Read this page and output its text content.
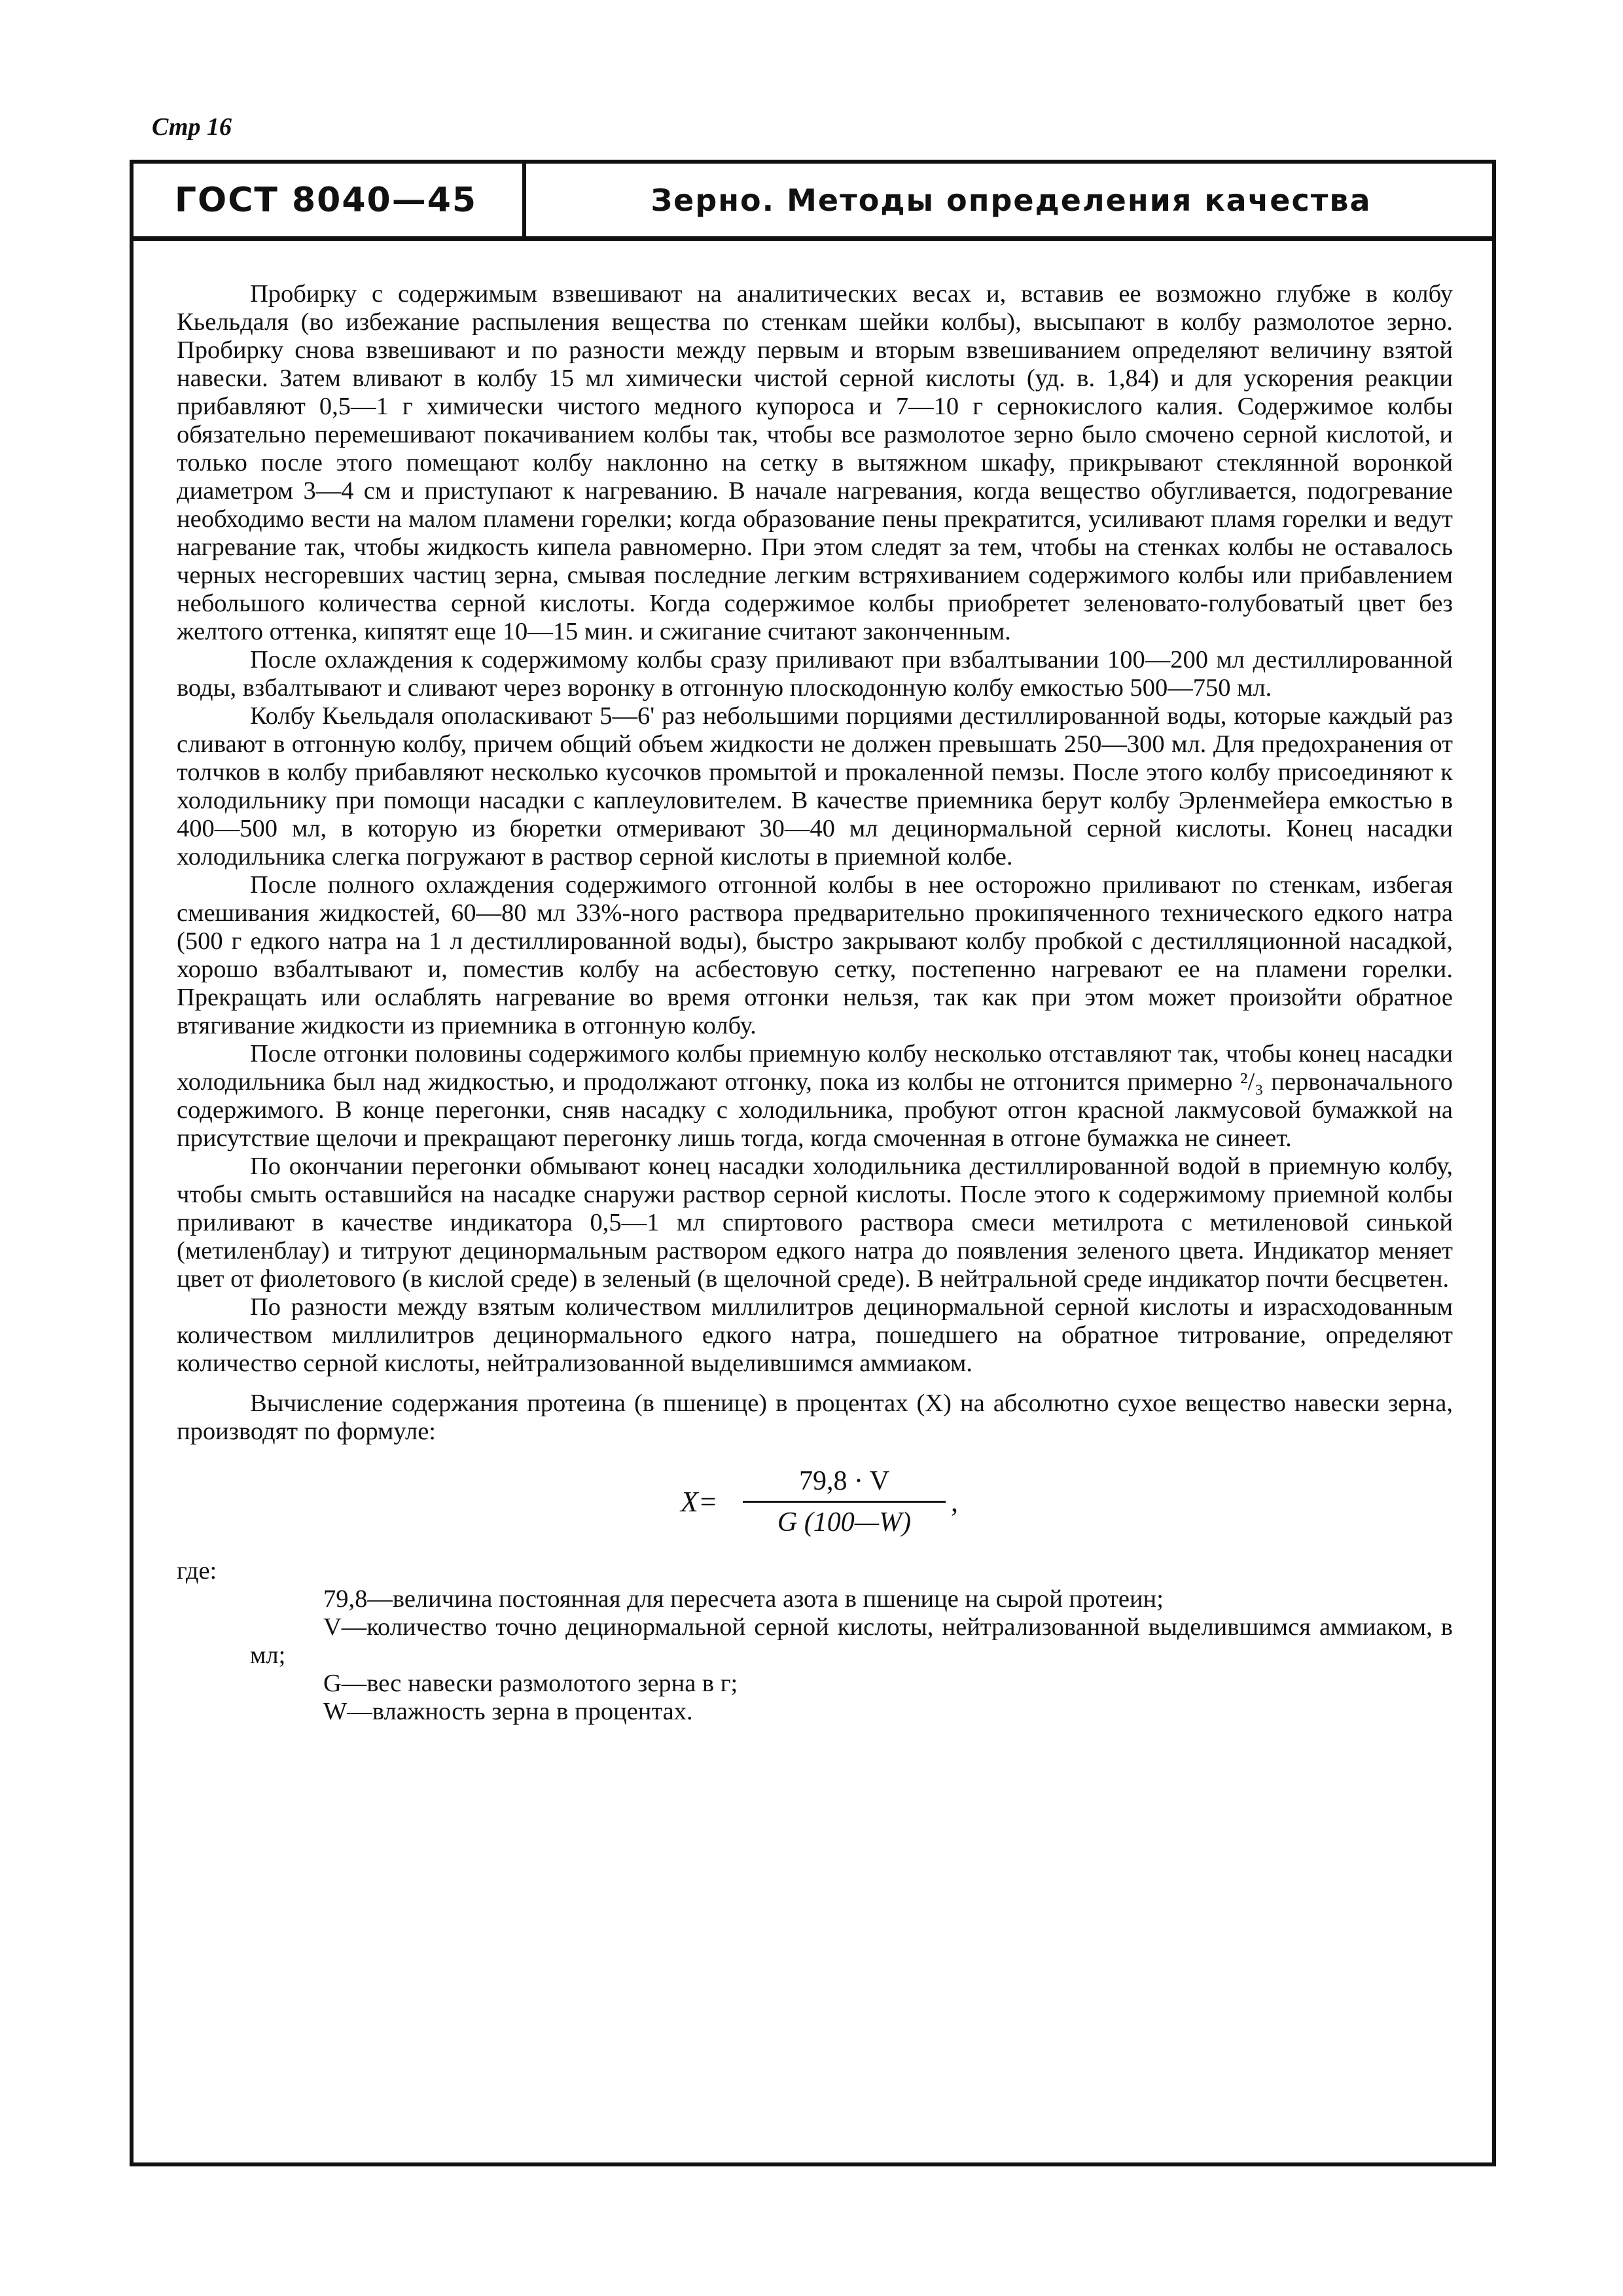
Стр 16
ГОСТ 8040—45	Зерно. Методы определения качества

Пробирку с содержимым взвешивают на аналитических весах и, вставив ее возможно глубже в колбу Кьельдаля (во избежание распыления вещества по стенкам шейки колбы), высыпают в колбу размолотое зерно. Пробирку снова взвешивают и по разности между первым и вторым взвешиванием определяют величину взятой навески. Затем вливают в колбу 15 мл химически чистой серной кислоты (уд. в. 1,84) и для ускорения реакции прибавляют 0,5—1 г химически чистого медного купороса и 7—10 г сернокислого калия. Содержимое колбы обязательно перемешивают покачиванием колбы так, чтобы все размолотое зерно было смочено серной кислотой, и только после этого помещают колбу наклонно на сетку в вытяжном шкафу, прикрывают стеклянной воронкой диаметром 3—4 см и приступают к нагреванию. В начале нагревания, когда вещество обугливается, подогревание необходимо вести на малом пламени горелки; когда образование пены прекратится, усиливают пламя горелки и ведут нагревание так, чтобы жидкость кипела равномерно. При этом следят за тем, чтобы на стенках колбы не оставалось черных несгоревших частиц зерна, смывая последние легким встряхиванием содержимого колбы или прибавлением небольшого количества серной кислоты. Когда содержимое колбы приобретет зеленовато-голубоватый цвет без желтого оттенка, кипятят еще 10—15 мин. и сжигание считают законченным.

После охлаждения к содержимому колбы сразу приливают при взбалтывании 100—200 мл дестиллированной воды, взбалтывают и сливают через воронку в отгонную плоскодонную колбу емкостью 500—750 мл.

Колбу Кьельдаля ополаскивают 5—6' раз небольшими порциями дестиллированной воды, которые каждый раз сливают в отгонную колбу, причем общий объем жидкости не должен превышать 250—300 мл. Для предохранения от толчков в колбу прибавляют несколько кусочков промытой и прокаленной пемзы. После этого колбу присоединяют к холодильнику при помощи насадки с каплеуловителем. В качестве приемника берут колбу Эрленмейера емкостью в 400—500 мл, в которую из бюретки отмеривают 30—40 мл децинормальной серной кислоты. Конец насадки холодильника слегка погружают в раствор серной кислоты в приемной колбе.

После полного охлаждения содержимого отгонной колбы в нее осторожно приливают по стенкам, избегая смешивания жидкостей, 60—80 мл 33%-ного раствора предварительно прокипяченного технического едкого натра (500 г едкого натра на 1 л дестиллированной воды), быстро закрывают колбу пробкой с дестилляционной насадкой, хорошо взбалтывают и, поместив колбу на асбестовую сетку, постепенно нагревают ее на пламени горелки. Прекращать или ослаблять нагревание во время отгонки нельзя, так как при этом может произойти обратное втягивание жидкости из приемника в отгонную колбу.

После отгонки половины содержимого колбы приемную колбу несколько отставляют так, чтобы конец насадки холодильника был над жидкостью, и продолжают отгонку, пока из колбы не отгонится примерно ²/₃ первоначального содержимого. В конце перегонки, сняв насадку с холодильника, пробуют отгон красной лакмусовой бумажкой на присутствие щелочи и прекращают перегонку лишь тогда, когда смоченная в отгоне бумажка не синеет.

По окончании перегонки обмывают конец насадки холодильника дестиллированной водой в приемную колбу, чтобы смыть оставшийся на насадке снаружи раствор серной кислоты. После этого к содержимому приемной колбы приливают в качестве индикатора 0,5—1 мл спиртового раствора смеси метилрота с метиленовой синькой (метиленблау) и титруют децинормальным раствором едкого натра до появления зеленого цвета. Индикатор меняет цвет от фиолетового (в кислой среде) в зеленый (в щелочной среде). В нейтральной среде индикатор почти бесцветен.

По разности между взятым количеством миллилитров децинормальной серной кислоты и израсходованным количеством миллилитров децинормального едкого натра, пошедшего на обратное титрование, определяют количество серной кислоты, нейтрализованной выделившимся аммиаком.

Вычисление содержания протеина (в пшенице) в процентах (X) на абсолютно сухое вещество навески зерна, производят по формуле:

X=
79,8 · V
G (100—W)
,
где:

79,8—величина постоянная для пересчета азота в пшенице на сырой протеин;

V—количество точно децинормальной серной кислоты, нейтрализованной выделившимся аммиаком, в мл;

G—вес навески размолотого зерна в г;

W—влажность зерна в процентах.
